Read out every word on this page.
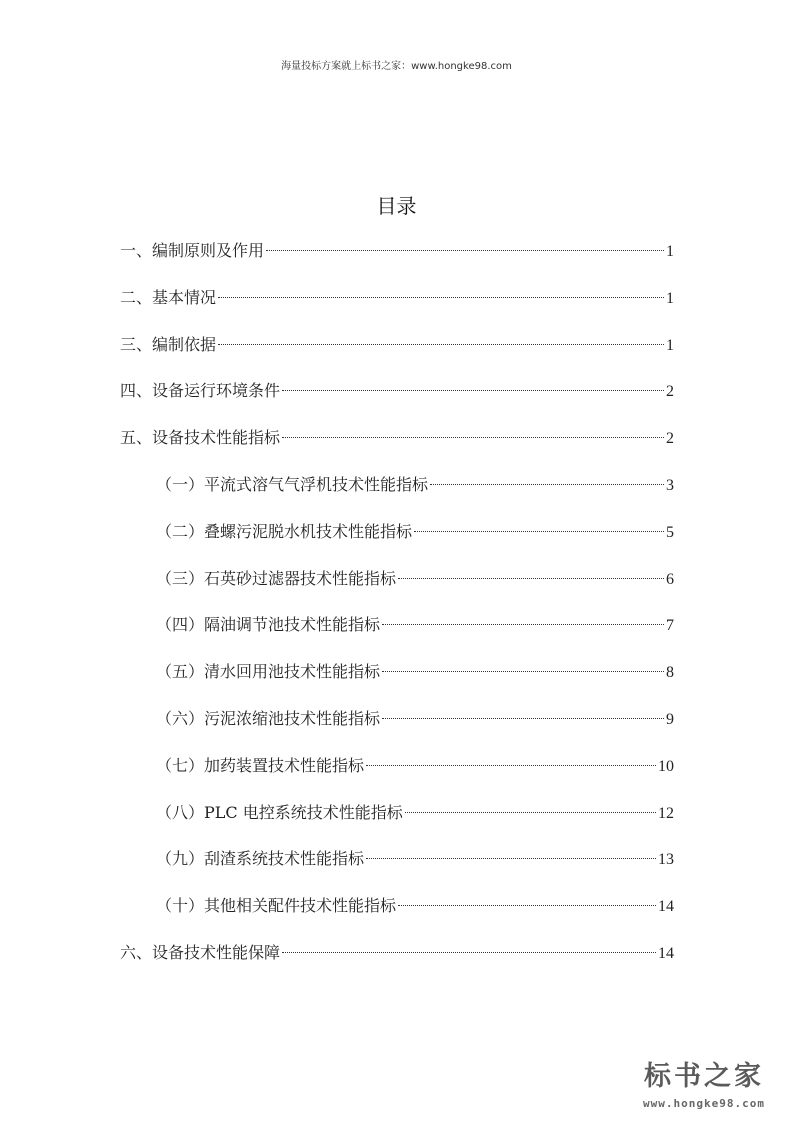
海量投标方案就上标书之家：www.hongke98.com
目录
一、编制原则及作用	1
二、基本情况	1
三、编制依据	1
四、设备运行环境条件	2
五、设备技术性能指标	2
（一）平流式溶气气浮机技术性能指标	3
（二）叠螺污泥脱水机技术性能指标	5
（三）石英砂过滤器技术性能指标	6
（四）隔油调节池技术性能指标	7
（五）清水回用池技术性能指标	8
（六）污泥浓缩池技术性能指标	9
（七）加药装置技术性能指标	10
（八）PLC 电控系统技术性能指标	12
（九）刮渣系统技术性能指标	13
（十）其他相关配件技术性能指标	14
六、设备技术性能保障	14
标书之家
www.hongke98.com
